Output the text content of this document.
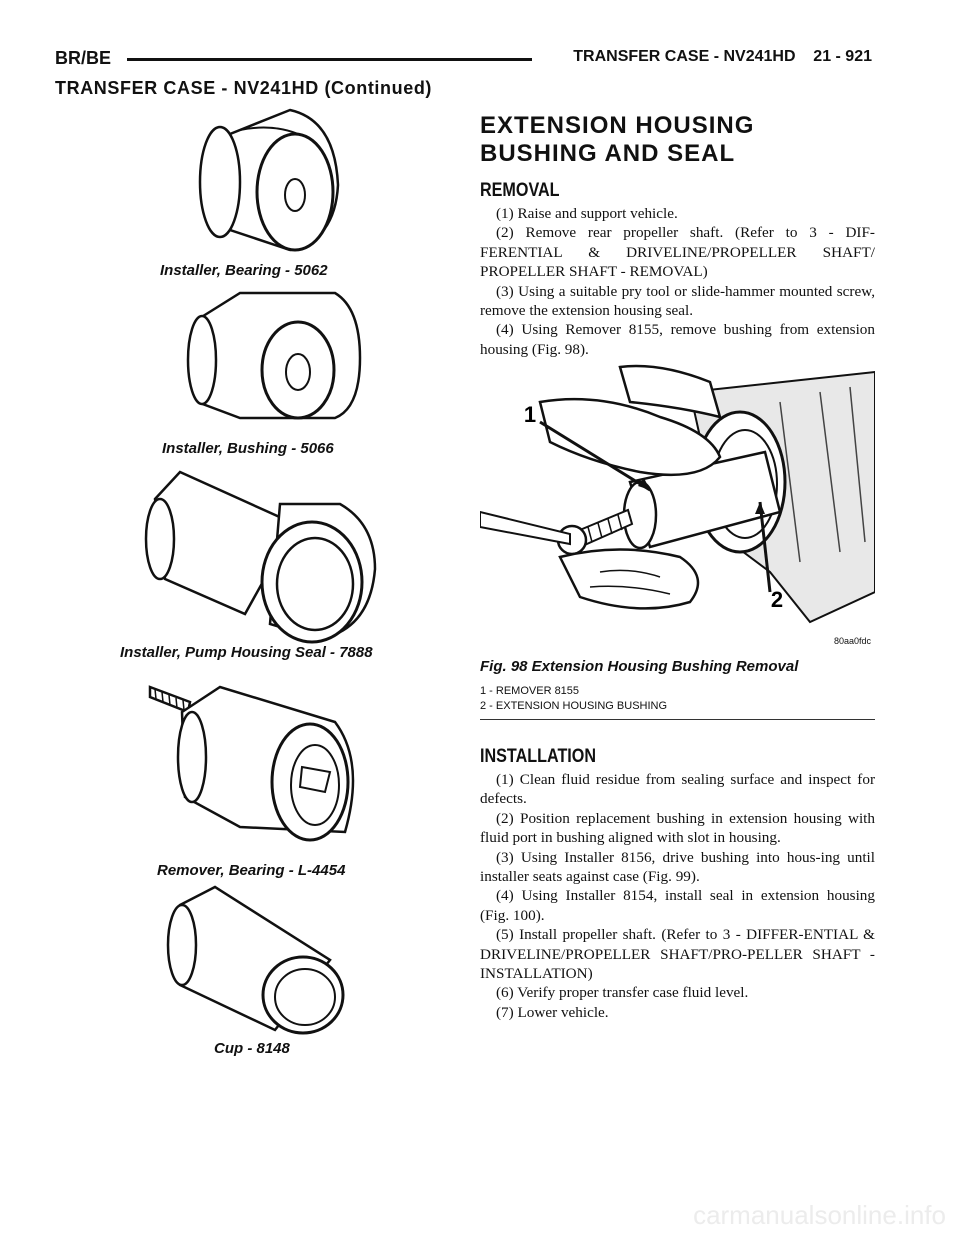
BR/BE	TRANSFER CASE - NV241HD    21 - 921
TRANSFER CASE - NV241HD (Continued)
Installer, Bearing - 5062
Installer, Bushing - 5066
Installer, Pump Housing Seal - 7888
Remover, Bearing - L-4454
Cup - 8148
EXTENSION HOUSING
BUSHING AND SEAL
REMOVAL

(1) Raise and support vehicle.

(2) Remove rear propeller shaft. (Refer to 3 - DIF-FERENTIAL & DRIVELINE/PROPELLER SHAFT/ PROPELLER SHAFT - REMOVAL)

(3) Using a suitable pry tool or slide-hammer mounted screw, remove the extension housing seal.

(4) Using Remover 8155, remove bushing from extension housing (Fig. 98).

1
2
80aa0fdc
Fig. 98 Extension Housing Bushing Removal
1 - REMOVER 8155
2 - EXTENSION HOUSING BUSHING
INSTALLATION

(1) Clean fluid residue from sealing surface and inspect for defects.

(2) Position replacement bushing in extension housing with fluid port in bushing aligned with slot in housing.

(3) Using Installer 8156, drive bushing into hous-ing until installer seats against case (Fig. 99).

(4) Using Installer 8154, install seal in extension housing (Fig. 100).

(5) Install propeller shaft. (Refer to 3 - DIFFER-ENTIAL & DRIVELINE/PROPELLER SHAFT/PRO-PELLER SHAFT - INSTALLATION)

(6) Verify proper transfer case fluid level.

(7) Lower vehicle.

carmanualsonline.info
